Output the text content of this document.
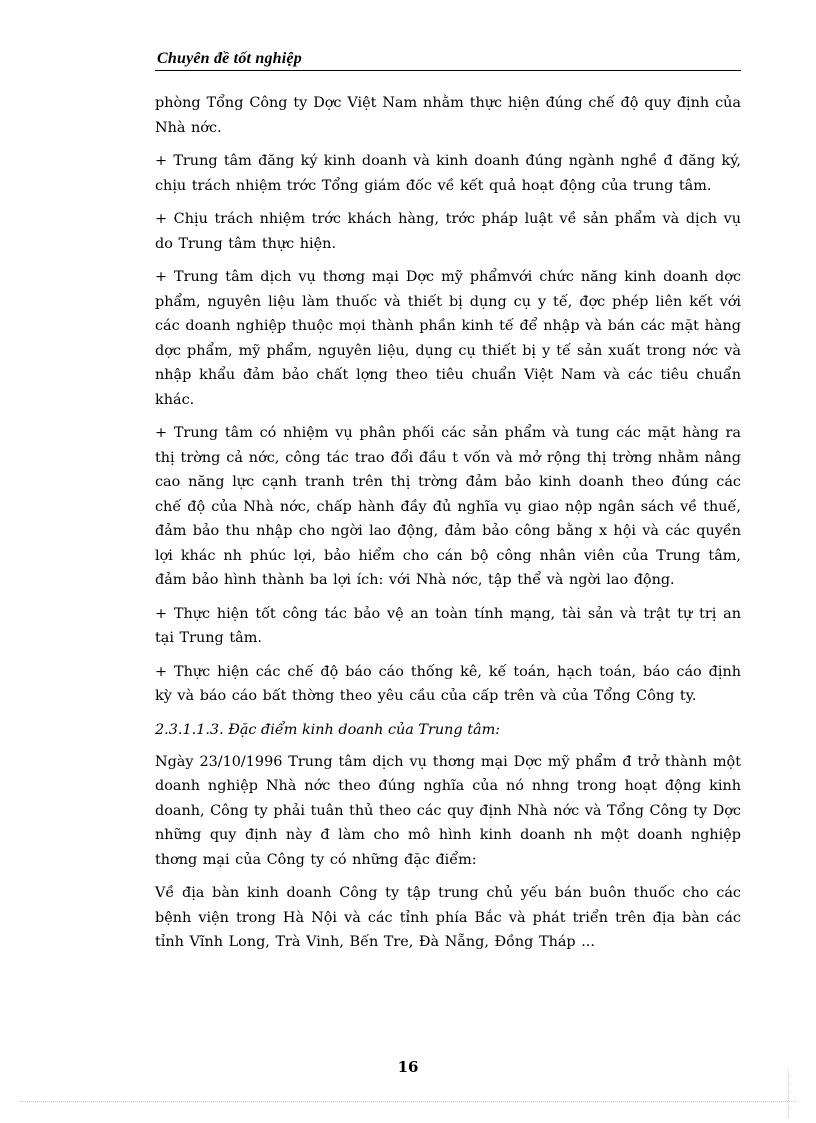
Chuyên đề tốt nghiệp

phòng Tổng Công ty Dợc Việt Nam nhằm thực hiện đúng chế độ quy định của Nhà nớc.

+ Trung tâm đăng ký kinh doanh và kinh doanh đúng ngành nghề đ đăng ký, chịu trách nhiệm trớc Tổng giám đốc về kết quả hoạt động của trung tâm.

+ Chịu trách nhiệm trớc khách hàng, trớc pháp luật về sản phẩm và dịch vụ do Trung tâm thực hiện.

+ Trung tâm dịch vụ thơng mại Dợc mỹ phẩmvới chức năng kinh doanh dợc phẩm, nguyên liệu làm thuốc và thiết bị dụng cụ y tế, đợc phép liên kết với các doanh nghiệp thuộc mọi thành phần kinh tế để nhập và bán các mặt hàng dợc phẩm, mỹ phẩm, nguyên liệu, dụng cụ thiết bị y tế sản xuất trong nớc và nhập khẩu đảm bảo chất lợng theo tiêu chuẩn Việt Nam và các tiêu chuẩn khác.

+ Trung tâm có nhiệm vụ phân phối các sản phẩm và tung các mặt hàng ra thị trờng cả nớc, công tác trao đổi đầu t vốn và mở rộng thị trờng nhằm nâng cao năng lực cạnh tranh trên thị trờng đảm bảo kinh doanh theo đúng các chế độ của Nhà nớc, chấp hành đầy đủ nghĩa vụ giao nộp ngân sách về thuế, đảm bảo thu nhập cho ngời lao động, đảm bảo công bằng x hội và các quyền lợi khác nh phúc lợi, bảo hiểm cho cán bộ công nhân viên của Trung tâm, đảm bảo hình thành ba lợi ích: với Nhà nớc, tập thể và ngời lao động.

+ Thực hiện tốt công tác bảo vệ an toàn tính mạng, tài sản và trật tự trị an tại Trung tâm.

+ Thực hiện các chế độ báo cáo thống kê, kế toán, hạch toán, báo cáo định kỳ và báo cáo bất thờng theo yêu cầu của cấp trên và của Tổng Công ty.

2.3.1.1.3. Đặc điểm kinh doanh của Trung tâm:

Ngày 23/10/1996 Trung tâm dịch vụ thơng mại Dợc mỹ phẩm đ trở thành một doanh nghiệp Nhà nớc theo đúng nghĩa của nó nhng trong hoạt động kinh doanh, Công ty phải tuân thủ theo các quy định Nhà nớc và Tổng Công ty Dợc những quy định này đ làm cho mô hình kinh doanh nh một doanh nghiệp thơng mại của Công ty có những đặc điểm:

Về địa bàn kinh doanh Công ty tập trung chủ yếu bán buôn thuốc cho các bệnh viện trong Hà Nội và các tỉnh phía Bắc và phát triển trên địa bàn các tỉnh Vĩnh Long, Trà Vinh, Bến Tre, Đà Nẵng, Đồng Tháp ...

16
